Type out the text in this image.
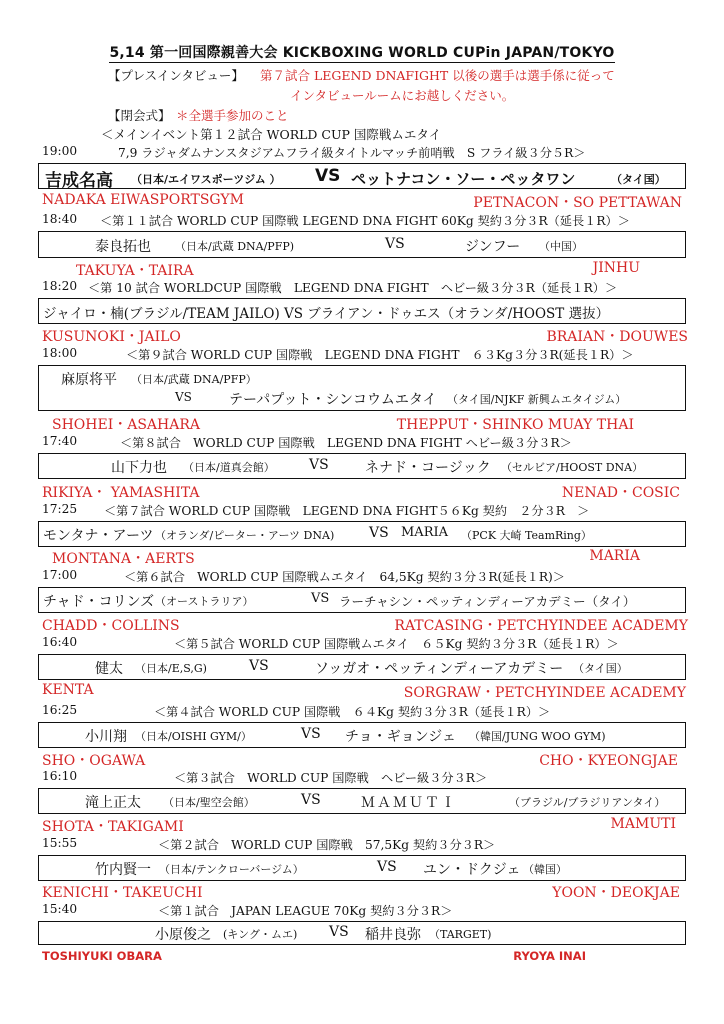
5,14 第一回国際親善大会 KICKBOXING WORLD CUPin JAPAN/TOKYO
【プレスインタビュー】 第７試合 LEGEND DNAFIGHT 以後の選手は選手係に従って
インタビュールームにお越しください。
【閉会式】 ＊全選手参加のこと
＜メインイベント第１２試合 WORLD CUP 国際戦ムエタイ
19:00	7,9 ラジャダムナンスタジアムフライ級タイトルマッチ前哨戦　S フライ級３分５R＞
吉成名高 （日本/エイワスポーツジム ） VS ペットナコン・ソー・ペッタワン	（タイ国）
NADAKA EIWASPORTSGYM	PETNACON・SO PETTAWAN
18:40 ＜第１１試合 WORLD CUP 国際戦 LEGEND DNA FIGHT 60Kg 契約３分３R（延長１R）＞
泰良拓也 （日本/武蔵 DNA/PFP)	VS	ジンフー （中国）
TAKUYA・TAIRA	JINHU
18:20 ＜第 10 試合 WORLDCUP 国際戦　LEGEND DNA FIGHT　ヘビー級３分３R（延長１R）＞
ジャイロ・楠(ブラジル/TEAM JAILO) VS ブライアン・ドゥエス（オランダ/HOOST 選抜）
KUSUNOKI・JAILO	BRAIAN・DOUWES
18:00	＜第９試合 WORLD CUP 国際戦　LEGEND DNA FIGHT　６３Kg３分３R(延長１R）＞
麻原将平 （日本/武蔵 DNA/PFP）
VS	テーパプット・シンコウムエタイ （タイ国/NJKF 新興ムエタイジム）
SHOHEI・ASAHARA	THEPPUT・SHINKO MUAY THAI
17:40	＜第８試合　WORLD CUP 国際戦　LEGEND DNA FIGHT ヘビー級３分３R＞
山下力也 （日本/道真会館） VS	ネナド・コージック （セルビア/HOOST DNA）
RIKIYA・ YAMASHITA	NENAD・COSIC
17:25 ＜第７試合 WORLD CUP 国際戦　LEGEND DNA FIGHT５６Kg 契約　２分３R　＞
モンタナ・アーツ （オランダ/ピーター・アーツ DNA) VS MARIA （PCK 大崎 TeamRing）
MONTANA・AERTS	MARIA
17:00	＜第６試合　WORLD CUP 国際戦ムエタイ　64,5Kg 契約３分３R(延長１R)＞
チャド・コリンズ （オーストラリア）	VS ラーチャシン・ペッティンディーアカデミー（タイ）
CHADD・COLLINS	RATCASING・PETCHYINDEE ACADEMY
16:40	＜第５試合 WORLD CUP 国際戦ムエタイ　６５Kg 契約３分３R（延長１R）＞
健太 （日本/E,S,G)	VS	ソッガオ・ペッティンディーアカデミー （タイ国）
KENTA	SORGRAW・PETCHYINDEE ACADEMY
16:25	＜第４試合 WORLD CUP 国際戦　６４Kg 契約３分３R（延長１R）＞
小川翔 （日本/OISHI GYM/）	VS チョ・ギョンジェ （韓国/JUNG WOO GYM)
SHO・OGAWA	CHO・KYEONGJAE
16:10	＜第３試合　WORLD CUP 国際戦　ヘビー級３分３R＞
滝上正太 （日本/聖空会館）	VS	ＭＡＭＵＴＩ	（ブラジル/ブラジリアンタイ）
SHOTA・TAKIGAMI	MAMUTI
15:55	＜第２試合　WORLD CUP 国際戦　57,5Kg 契約３分３R＞
竹内賢一 （日本/テンクローバージム）	VS ユン・ドクジェ （韓国）
KENICHI・TAKEUCHI	YOON・DEOKJAE
15:40	＜第１試合　JAPAN LEAGUE 70Kg 契約３分３R＞
小原俊之 (キング・ムエ) VS 稲井良弥 （TARGET)
TOSHIYUKI OBARA	RYOYA INAI
